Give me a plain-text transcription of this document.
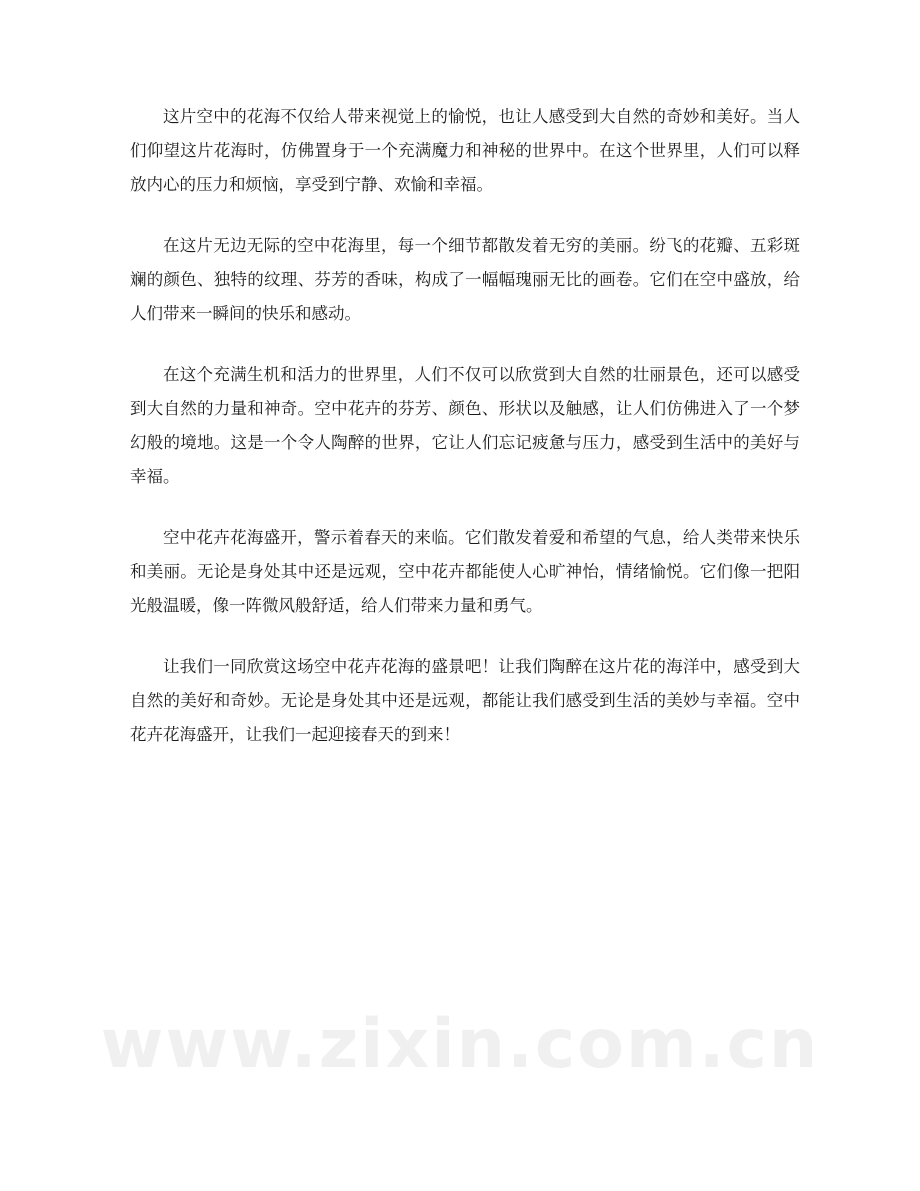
这片空中的花海不仅给人带来视觉上的愉悦，也让人感受到大自然的奇妙和美好。当人们仰望这片花海时，仿佛置身于一个充满魔力和神秘的世界中。在这个世界里，人们可以释放内心的压力和烦恼，享受到宁静、欢愉和幸福。

在这片无边无际的空中花海里，每一个细节都散发着无穷的美丽。纷飞的花瓣、五彩斑斓的颜色、独特的纹理、芬芳的香味，构成了一幅幅瑰丽无比的画卷。它们在空中盛放，给人们带来一瞬间的快乐和感动。

在这个充满生机和活力的世界里，人们不仅可以欣赏到大自然的壮丽景色，还可以感受到大自然的力量和神奇。空中花卉的芬芳、颜色、形状以及触感，让人们仿佛进入了一个梦幻般的境地。这是一个令人陶醉的世界，它让人们忘记疲惫与压力，感受到生活中的美好与幸福。

空中花卉花海盛开，警示着春天的来临。它们散发着爱和希望的气息，给人类带来快乐和美丽。无论是身处其中还是远观，空中花卉都能使人心旷神怡，情绪愉悦。它们像一把阳光般温暖，像一阵微风般舒适，给人们带来力量和勇气。

让我们一同欣赏这场空中花卉花海的盛景吧！让我们陶醉在这片花的海洋中，感受到大自然的美好和奇妙。无论是身处其中还是远观，都能让我们感受到生活的美妙与幸福。空中花卉花海盛开，让我们一起迎接春天的到来！

www.zixin.com.cn
